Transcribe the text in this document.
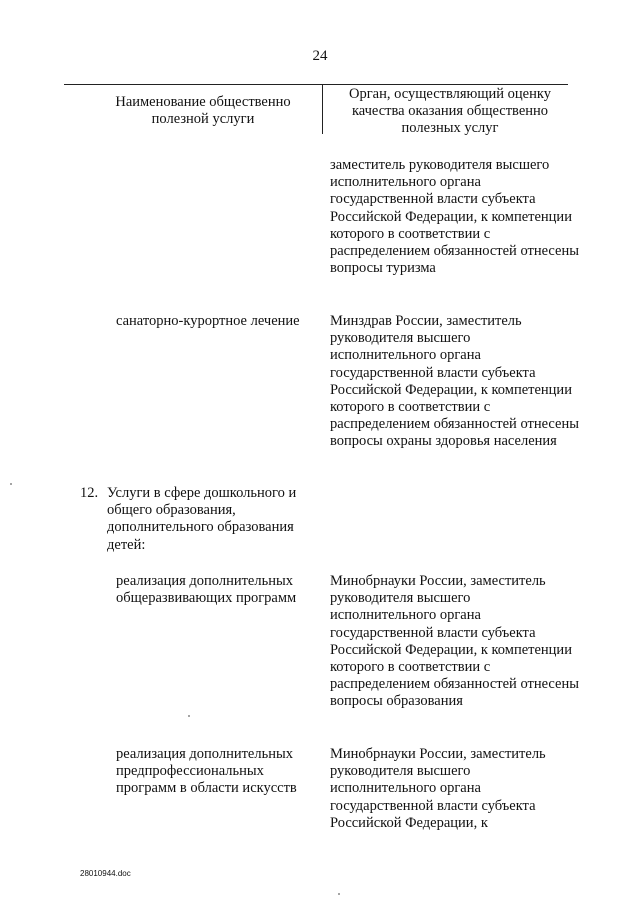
24
Наименование общественно полезной услуги
Орган, осуществляющий оценку качества оказания общественно полезных услуг
заместитель руководителя высшего исполнительного органа государственной власти субъекта Российской Федерации, к компетенции которого в соответствии с распределением обязанностей отнесены вопросы туризма
санаторно-курортное лечение	Минздрав России, заместитель руководителя высшего исполнительного органа государственной власти субъекта Российской Федерации, к компетенции которого в соответствии с распределением обязанностей отнесены вопросы охраны здоровья населения
12. Услуги в сфере дошкольного и общего образования, дополнительного образования детей:
реализация дополнительных общеразвивающих программ
Минобрнауки России, заместитель руководителя высшего исполнительного органа государственной власти субъекта Российской Федерации, к компетенции которого в соответствии с распределением обязанностей отнесены вопросы образования
реализация дополнительных предпрофессиональных программ в области искусств
Минобрнауки России, заместитель руководителя высшего исполнительного органа государственной власти субъекта Российской Федерации, к
28010944.doc
